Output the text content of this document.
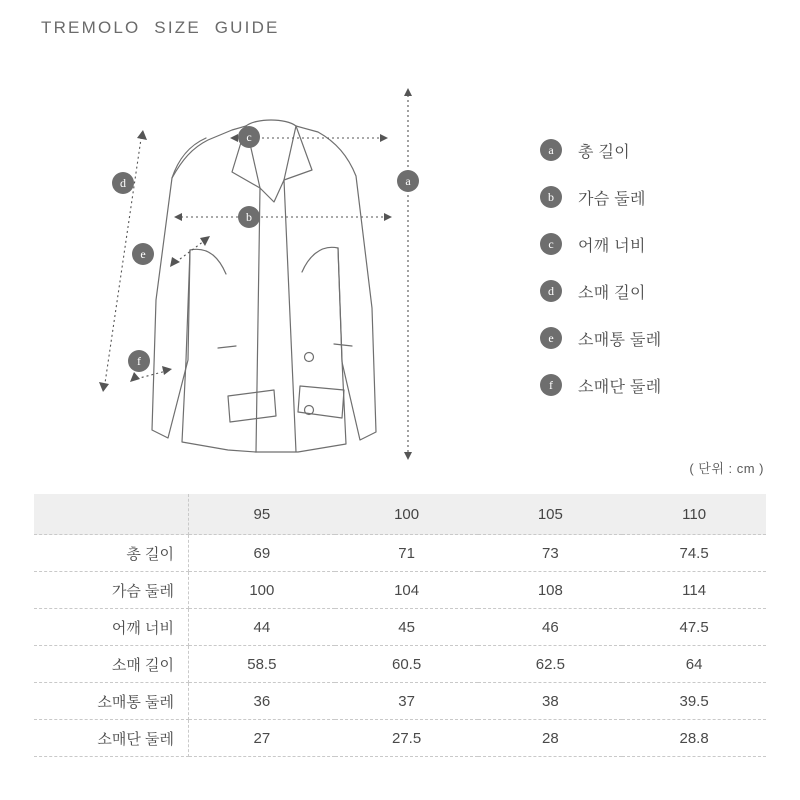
TREMOLO  SIZE  GUIDE
c
b
a
d
e
f
a	총 길이
b	가슴 둘레
c	어깨 너비
d	소매 길이
e	소매통 둘레
f	소매단 둘레
( 단위 : cm )
	95	100	105	110
총 길이	69	71	73	74.5
가슴 둘레	100	104	108	114
어깨 너비	44	45	46	47.5
소매 길이	58.5	60.5	62.5	64
소매통 둘레	36	37	38	39.5
소매단 둘레	27	27.5	28	28.8
